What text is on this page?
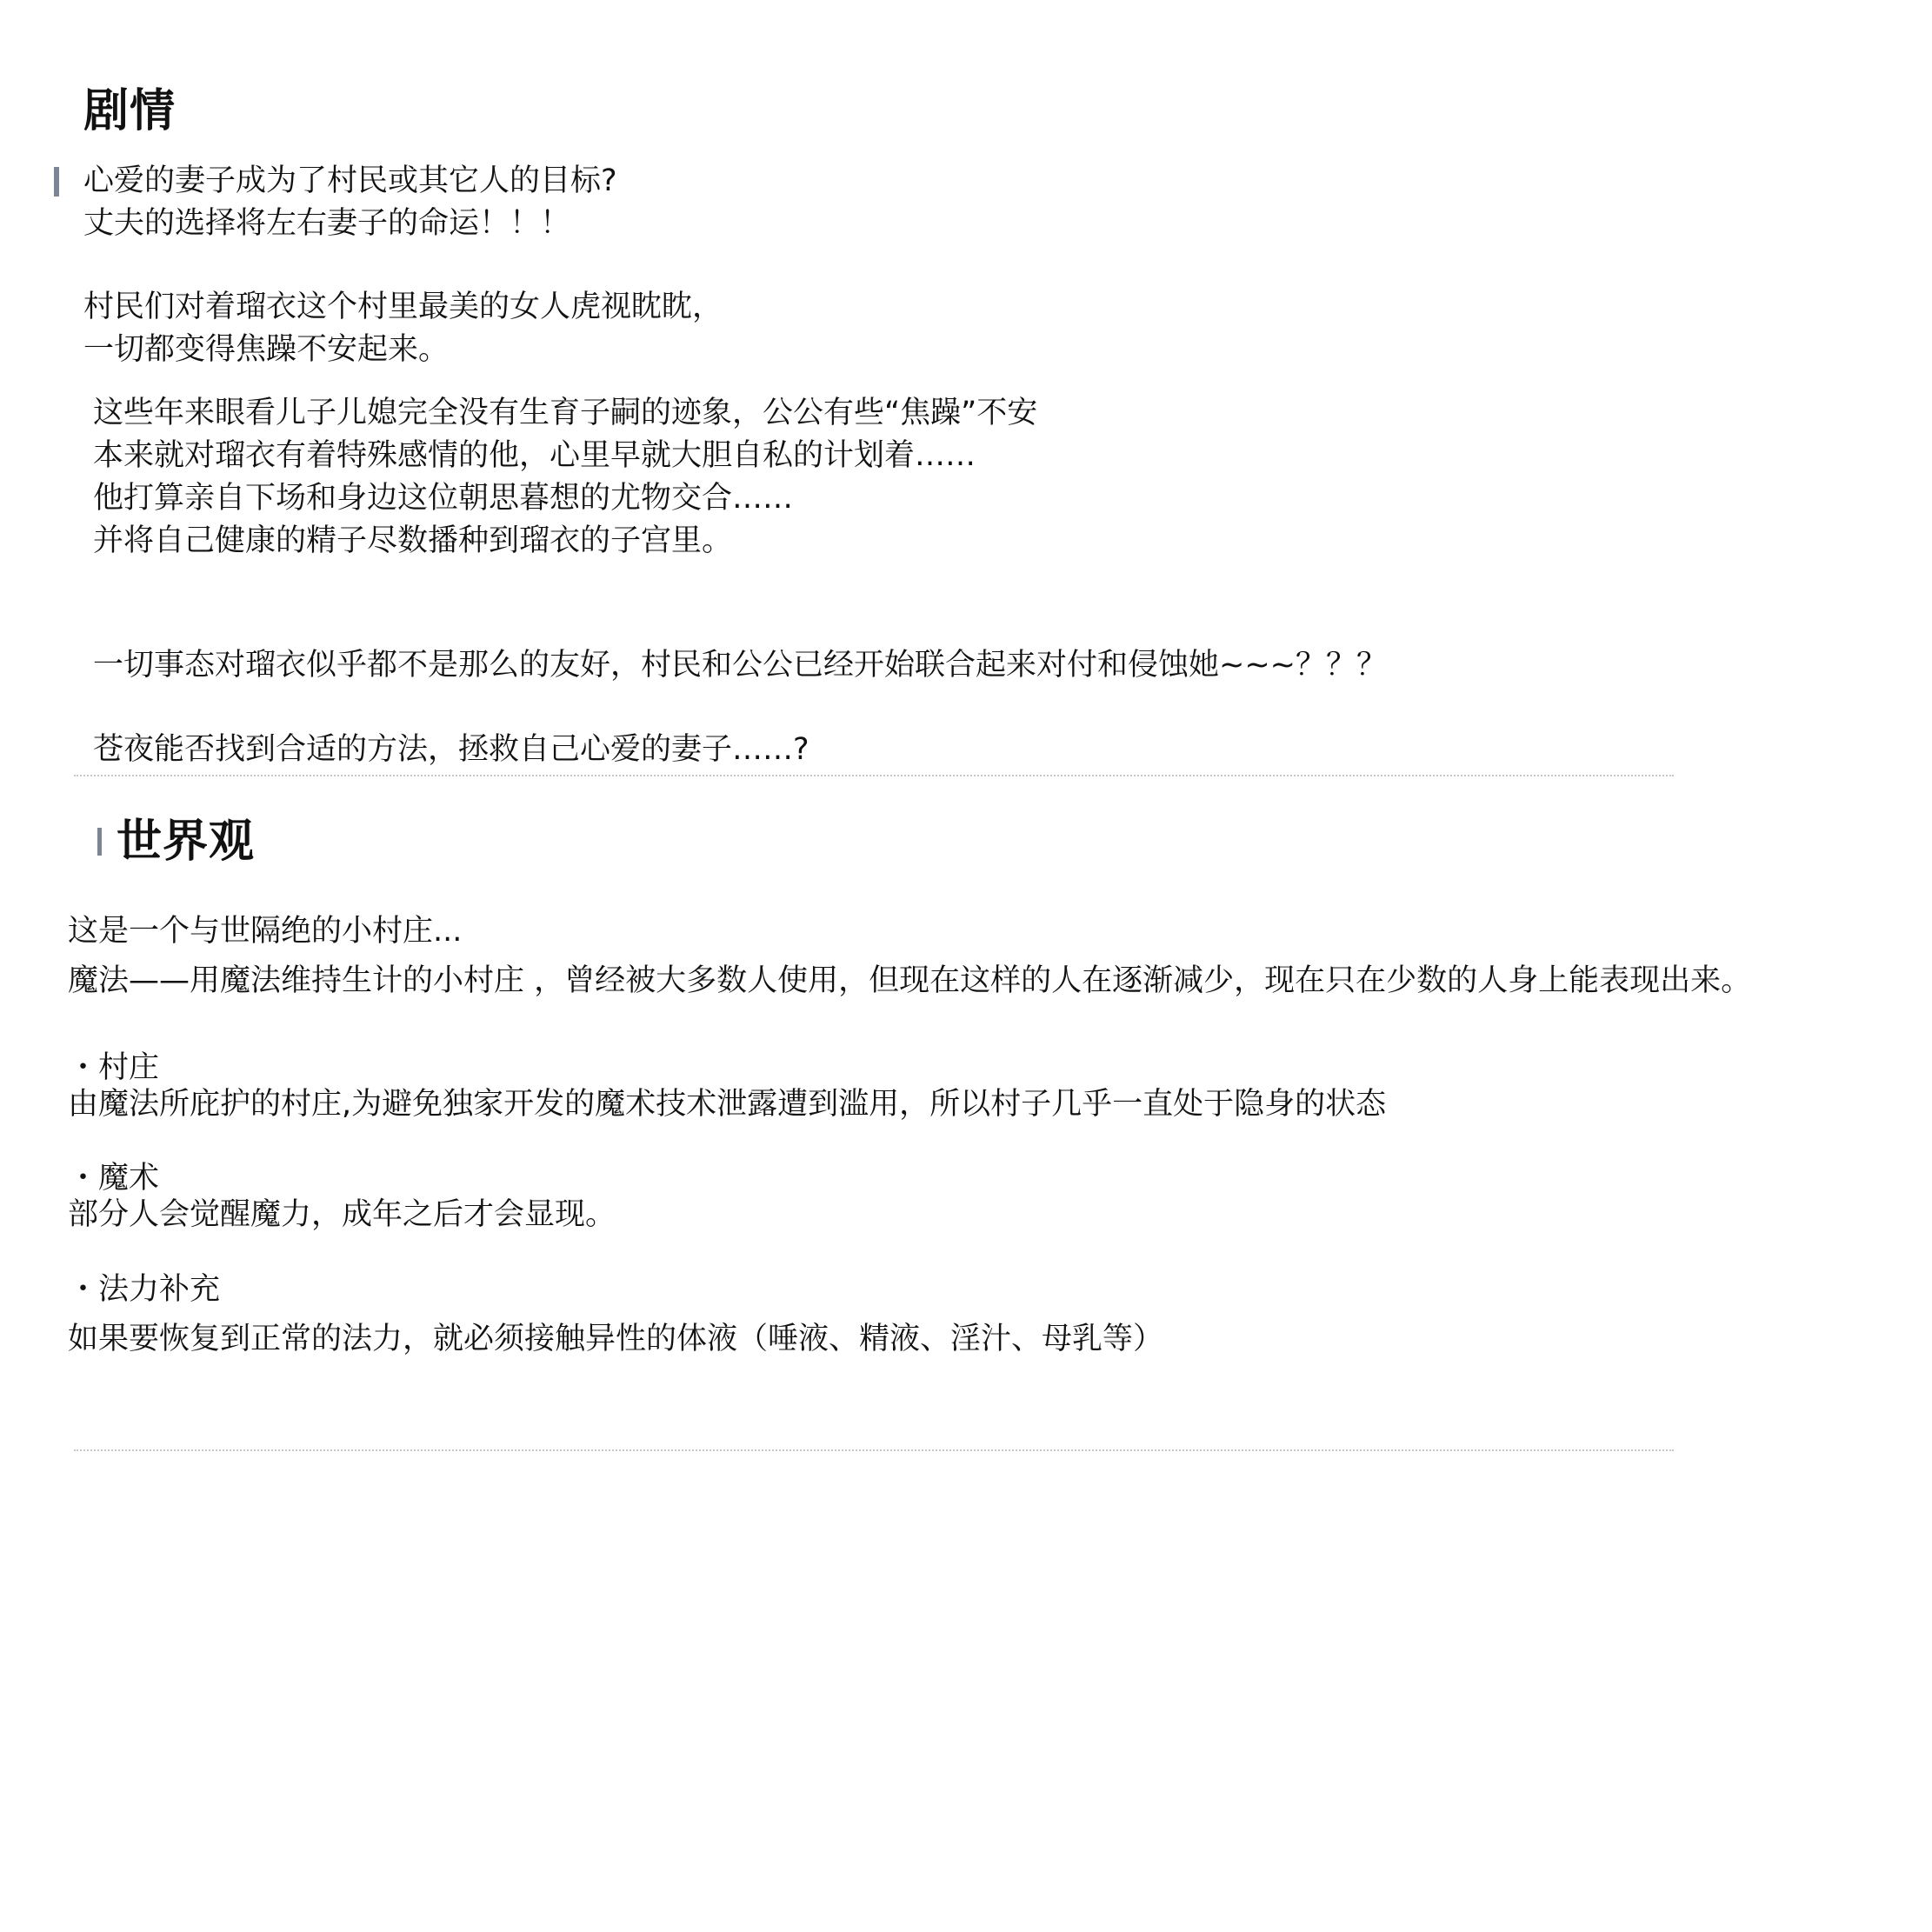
剧情
心爱的妻子成为了村民或其它人的目标?
丈夫的选择将左右妻子的命运！！！
村民们对着瑠衣这个村里最美的女人虎视眈眈，
一切都变得焦躁不安起来。
这些年来眼看儿子儿媳完全没有生育子嗣的迹象，公公有些“焦躁”不安
本来就对瑠衣有着特殊感情的他，心里早就大胆自私的计划着……
他打算亲自下场和身边这位朝思暮想的尤物交合……
并将自己健康的精子尽数播种到瑠衣的子宫里。
一切事态对瑠衣似乎都不是那么的友好，村民和公公已经开始联合起来对付和侵蚀她~~~？？？
苍夜能否找到合适的方法，拯救自己心爱的妻子……?
世界观
这是一个与世隔绝的小村庄...
魔法——用魔法维持生计的小村庄 ，曾经被大多数人使用，但现在这样的人在逐渐减少，现在只在少数的人身上能表现出来。
・村庄
由魔法所庇护的村庄,为避免独家开发的魔术技术泄露遭到滥用，所以村子几乎一直处于隐身的状态
・魔术
部分人会觉醒魔力，成年之后才会显现。
・法力补充
如果要恢复到正常的法力，就必须接触异性的体液（唾液、精液、淫汁、母乳等）
